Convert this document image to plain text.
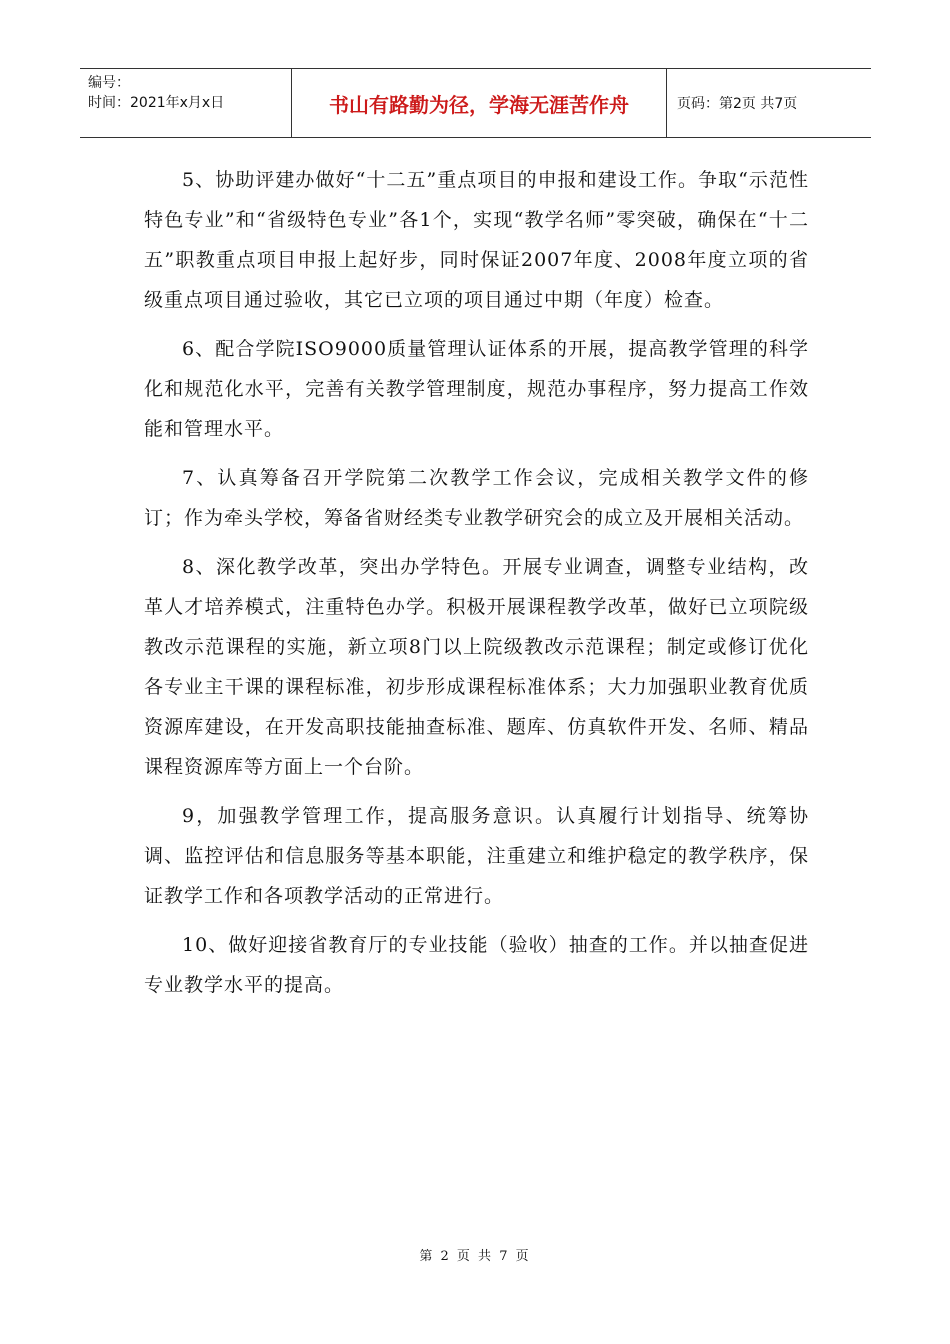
编号：
时间：2021年x月x日	书山有路勤为径，学海无涯苦作舟	页码：第2页 共7页

5、协助评建办做好“十二五”重点项目的申报和建设工作。争取“示范性特色专业”和“省级特色专业”各1个，实现“教学名师”零突破，确保在“十二五”职教重点项目申报上起好步，同时保证2007年度、2008年度立项的省级重点项目通过验收，其它已立项的项目通过中期（年度）检查。

6、配合学院ISO9000质量管理认证体系的开展，提高教学管理的科学化和规范化水平，完善有关教学管理制度，规范办事程序，努力提高工作效能和管理水平。

7、认真筹备召开学院第二次教学工作会议，完成相关教学文件的修订；作为牵头学校，筹备省财经类专业教学研究会的成立及开展相关活动。

8、深化教学改革，突出办学特色。开展专业调查，调整专业结构，改革人才培养模式，注重特色办学。积极开展课程教学改革，做好已立项院级教改示范课程的实施，新立项8门以上院级教改示范课程；制定或修订优化各专业主干课的课程标准，初步形成课程标准体系；大力加强职业教育优质资源库建设，在开发高职技能抽查标准、题库、仿真软件开发、名师、精品课程资源库等方面上一个台阶。

9，加强教学管理工作，提高服务意识。认真履行计划指导、统筹协调、监控评估和信息服务等基本职能，注重建立和维护稳定的教学秩序，保证教学工作和各项教学活动的正常进行。

10、做好迎接省教育厅的专业技能（验收）抽查的工作。并以抽查促进专业教学水平的提高。

第 2 页 共 7 页
